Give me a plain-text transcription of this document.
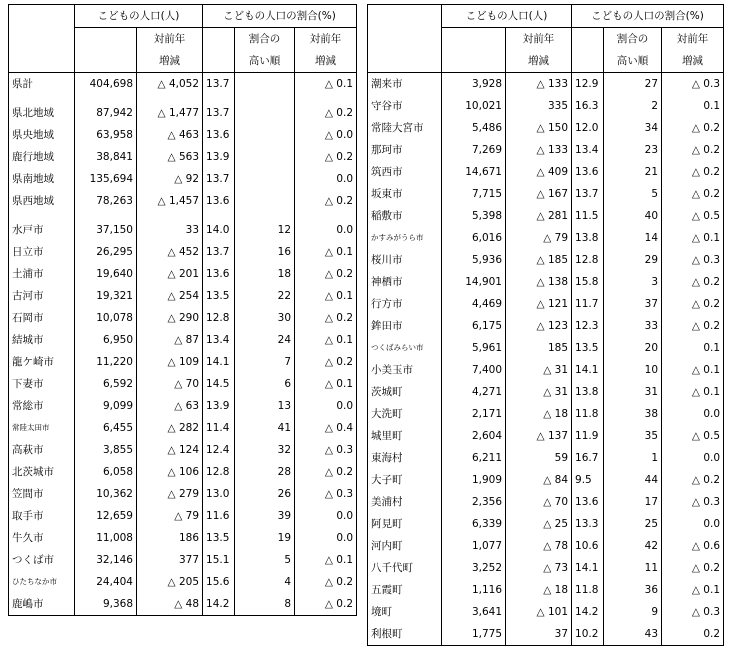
	こどもの人口(人)		こどもの人口の割合(%)		
		対前年		割合の	対前年
		増減		高い順	増減
県計	404,698	△ 4,052	13.7		△ 0.1

県北地域	87,942	△ 1,477	13.7		△ 0.2
県央地域	63,958	△ 463	13.6		△ 0.0
鹿行地域	38,841	△ 563	13.9		△ 0.2
県南地域	135,694	△ 92	13.7		0.0
県西地域	78,263	△ 1,457	13.6		△ 0.2

水戸市	37,150	33	14.0	12	0.0
日立市	26,295	△ 452	13.7	16	△ 0.1
土浦市	19,640	△ 201	13.6	18	△ 0.2
古河市	19,321	△ 254	13.5	22	△ 0.1
石岡市	10,078	△ 290	12.8	30	△ 0.2
結城市	6,950	△ 87	13.4	24	△ 0.1
龍ケ崎市	11,220	△ 109	14.1	7	△ 0.2
下妻市	6,592	△ 70	14.5	6	△ 0.1
常総市	9,099	△ 63	13.9	13	0.0
常陸太田市	6,455	△ 282	11.4	41	△ 0.4
高萩市	3,855	△ 124	12.4	32	△ 0.3
北茨城市	6,058	△ 106	12.8	28	△ 0.2
笠間市	10,362	△ 279	13.0	26	△ 0.3
取手市	12,659	△ 79	11.6	39	0.0
牛久市	11,008	186	13.5	19	0.0
つくば市	32,146	377	15.1	5	△ 0.1
ひたちなか市	24,404	△ 205	15.6	4	△ 0.2
鹿嶋市	9,368	△ 48	14.2	8	△ 0.2
	こどもの人口(人)		こどもの人口の割合(%)		
		対前年		割合の	対前年
		増減		高い順	増減
潮来市	3,928	△ 133	12.9	27	△ 0.3
守谷市	10,021	335	16.3	2	0.1
常陸大宮市	5,486	△ 150	12.0	34	△ 0.2
那珂市	7,269	△ 133	13.4	23	△ 0.2
筑西市	14,671	△ 409	13.6	21	△ 0.2
坂東市	7,715	△ 167	13.7	5	△ 0.2
稲敷市	5,398	△ 281	11.5	40	△ 0.5
かすみがうら市	6,016	△ 79	13.8	14	△ 0.1
桜川市	5,936	△ 185	12.8	29	△ 0.3
神栖市	14,901	△ 138	15.8	3	△ 0.2
行方市	4,469	△ 121	11.7	37	△ 0.2
鉾田市	6,175	△ 123	12.3	33	△ 0.2
つくばみらい市	5,961	185	13.5	20	0.1
小美玉市	7,400	△ 31	14.1	10	△ 0.1
茨城町	4,271	△ 31	13.8	31	△ 0.1
大洗町	2,171	△ 18	11.8	38	0.0
城里町	2,604	△ 137	11.9	35	△ 0.5
東海村	6,211	59	16.7	1	0.0
大子町	1,909	△ 84	9.5	44	△ 0.2
美浦村	2,356	△ 70	13.6	17	△ 0.3
阿見町	6,339	△ 25	13.3	25	0.0
河内町	1,077	△ 78	10.6	42	△ 0.6
八千代町	3,252	△ 73	14.1	11	△ 0.2
五霞町	1,116	△ 18	11.8	36	△ 0.1
境町	3,641	△ 101	14.2	9	△ 0.3
利根町	1,775	37	10.2	43	0.2
